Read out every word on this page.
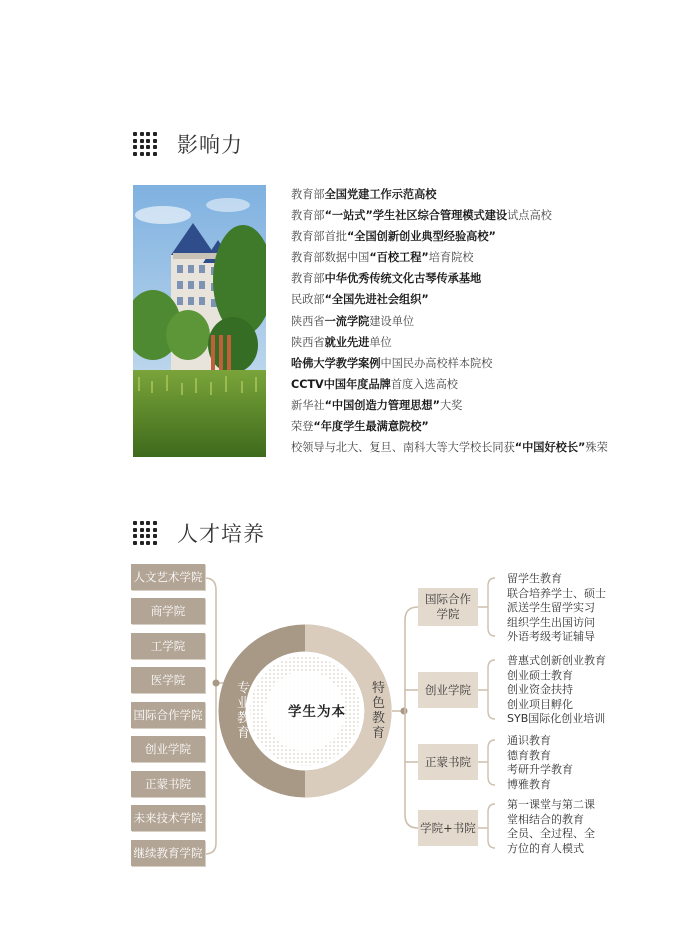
影响力
教育部全国党建工作示范高校
教育部“一站式”学生社区综合管理模式建设试点高校
教育部首批“全国创新创业典型经验高校”
教育部数据中国“百校工程”培育院校
教育部中华优秀传统文化古琴传承基地
民政部“全国先进社会组织”
陕西省一流学院建设单位
陕西省就业先进单位
哈佛大学教学案例中国民办高校样本院校
CCTV中国年度品牌首度入选高校
新华社“中国创造力管理思想”大奖
荣登“年度学生最满意院校”
校领导与北大、复旦、南科大等大学校长同获“中国好校长”殊荣
人才培养
人文艺术学院
商学院
工学院
医学院
国际合作学院
创业学院
正蒙书院
未来技术学院
继续教育学院
专
业
教
育
特
色
教
育
学生为本
国际合作
学院
创业学院
正蒙书院
学院+书院
留学生教育
联合培养学士、硕士
派送学生留学实习
组织学生出国访问
外语考级考证辅导
普惠式创新创业教育
创业硕士教育
创业资金扶持
创业项目孵化
SYB国际化创业培训
通识教育
德育教育
考研升学教育
博雅教育
第一课堂与第二课
堂相结合的教育
全员、全过程、全
方位的育人模式
